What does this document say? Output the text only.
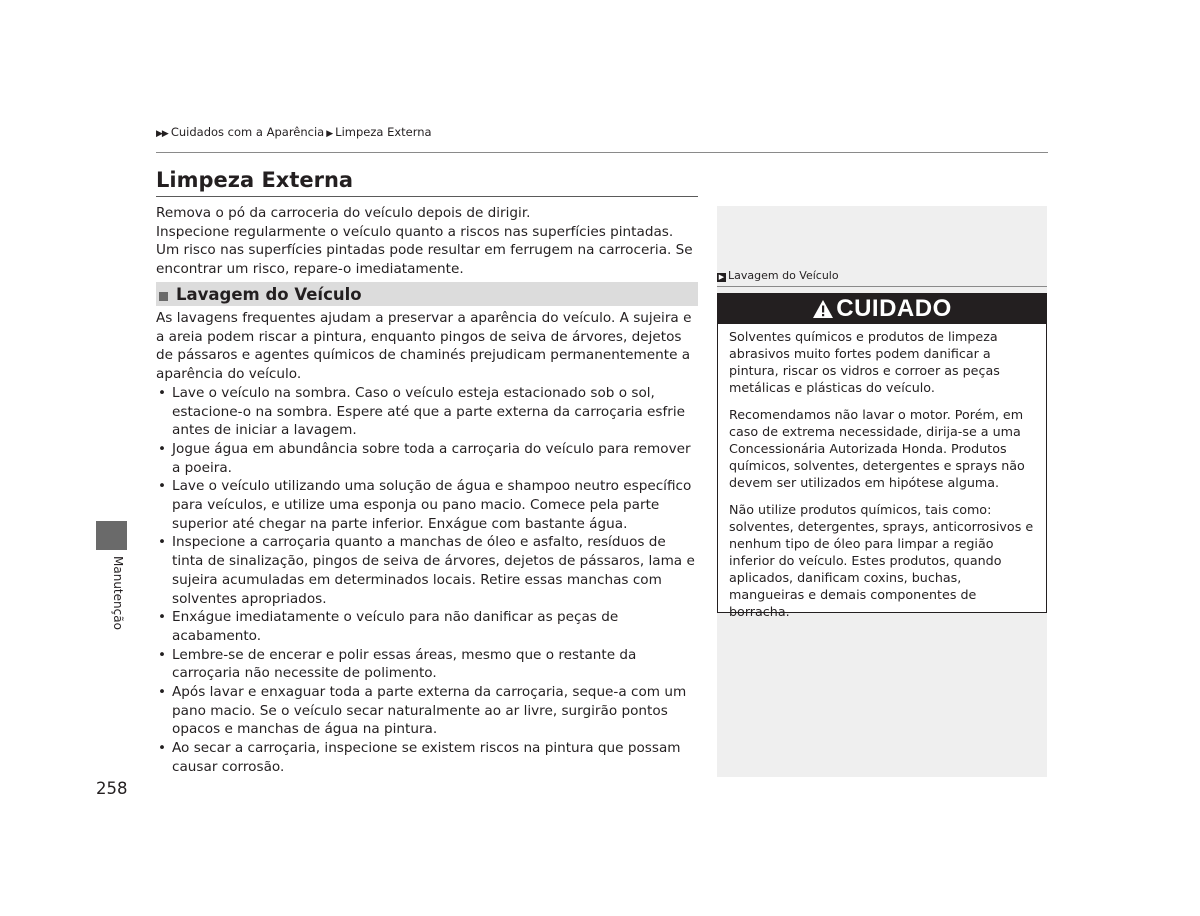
▶▶ Cuidados com a Aparência ▶ Limpeza Externa
Limpeza Externa

Remova o pó da carroceria do veículo depois de dirigir.

Inspecione regularmente o veículo quanto a riscos nas superfícies pintadas. Um risco nas superfícies pintadas pode resultar em ferrugem na carroceria. Se encontrar um risco, repare-o imediatamente.

Lavagem do Veículo

As lavagens frequentes ajudam a preservar a aparência do veículo. A sujeira e a areia podem riscar a pintura, enquanto pingos de seiva de árvores, dejetos de pássaros e agentes químicos de chaminés prejudicam permanentemente a aparência do veículo.

• Lave o veículo na sombra. Caso o veículo esteja estacionado sob o sol, estacione-o na sombra. Espere até que a parte externa da carroçaria esfrie antes de iniciar a lavagem.
• Jogue água em abundância sobre toda a carroçaria do veículo para remover a poeira.
• Lave o veículo utilizando uma solução de água e shampoo neutro específico para veículos, e utilize uma esponja ou pano macio. Comece pela parte superior até chegar na parte inferior. Enxágue com bastante água.
• Inspecione a carroçaria quanto a manchas de óleo e asfalto, resíduos de tinta de sinalização, pingos de seiva de árvores, dejetos de pássaros, lama e sujeira acumuladas em determinados locais. Retire essas manchas com solventes apropriados.
• Enxágue imediatamente o veículo para não danificar as peças de acabamento.
• Lembre-se de encerar e polir essas áreas, mesmo que o restante da carroçaria não necessite de polimento.
• Após lavar e enxaguar toda a parte externa da carroçaria, seque-a com um pano macio. Se o veículo secar naturalmente ao ar livre, surgirão pontos opacos e manchas de água na pintura.
• Ao secar a carroçaria, inspecione se existem riscos na pintura que possam causar corrosão.
▶ Lavagem do Veículo
CUIDADO

Solventes químicos e produtos de limpeza abrasivos muito fortes podem danificar a pintura, riscar os vidros e corroer as peças metálicas e plásticas do veículo.

Recomendamos não lavar o motor. Porém, em caso de extrema necessidade, dirija-se a uma Concessionária Autorizada Honda. Produtos químicos, solventes, detergentes e sprays não devem ser utilizados em hipótese alguma.

Não utilize produtos químicos, tais como: solventes, detergentes, sprays, anticorrosivos e nenhum tipo de óleo para limpar a região inferior do veículo. Estes produtos, quando aplicados, danificam coxins, buchas, mangueiras e demais componentes de borracha.

Manutenção
258
